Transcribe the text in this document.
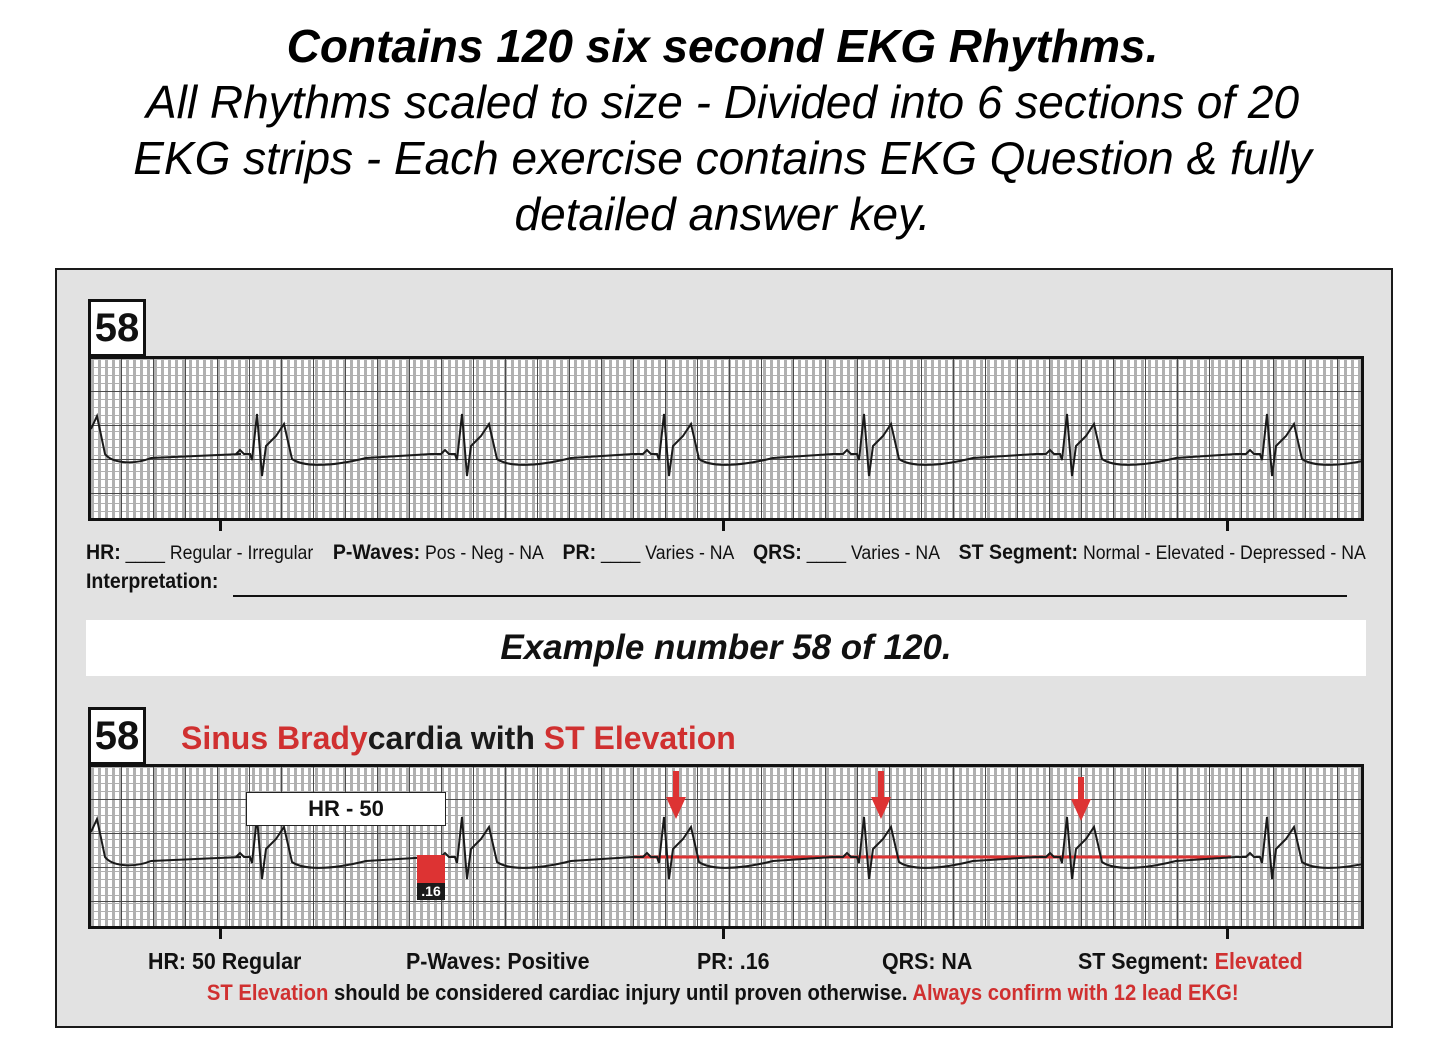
Contains 120 six second EKG Rhythms.
All Rhythms scaled to size - Divided into 6 sections of 20
EKG strips - Each exercise contains EKG Question & fully
detailed answer key.
58
HR: ____ Regular - Irregular P-Waves: Pos - Neg - NA PR: ____ Varies - NA QRS: ____ Varies - NA ST Segment: Normal - Elevated - Depressed - NA
Interpretation:
Example number 58 of 120.
58 Sinus Bradycardia with ST Elevation
HR - 50
.16
HR: 50 Regular	P-Waves: Positive	PR: .16	QRS: NA	ST Segment: Elevated
ST Elevation should be considered cardiac injury until proven otherwise. Always confirm with 12 lead EKG!
